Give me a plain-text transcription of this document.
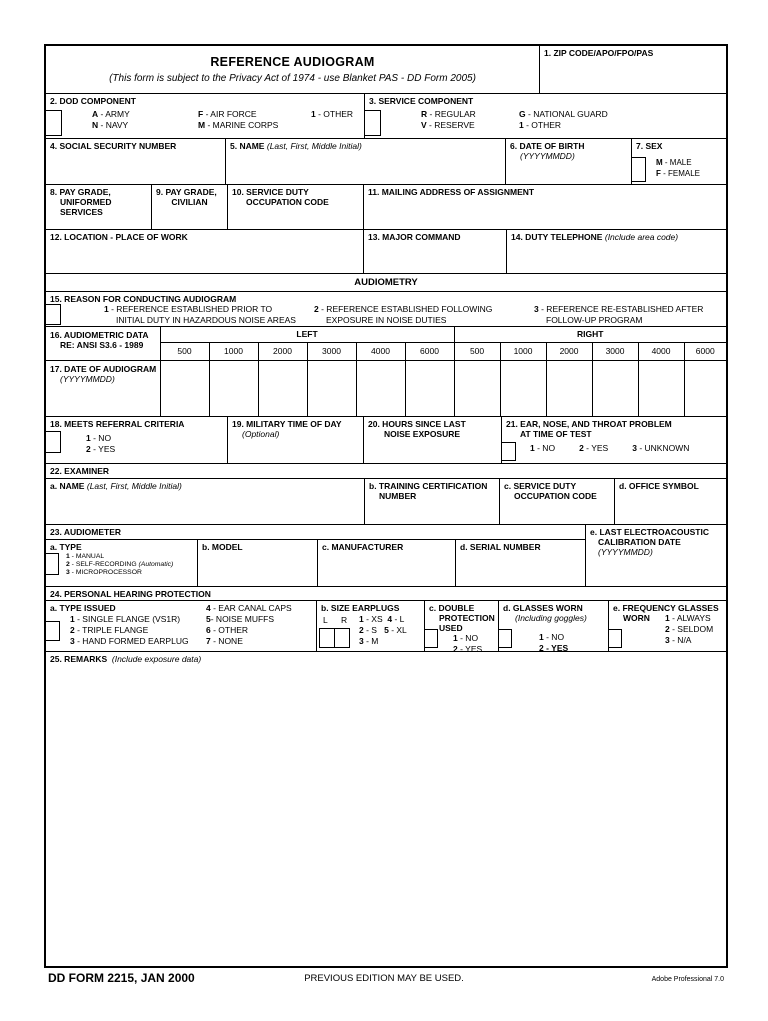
REFERENCE AUDIOGRAM
(This form is subject to the Privacy Act of 1974 - use Blanket PAS - DD Form 2005)
1. ZIP CODE/APO/FPO/PAS
2. DOD COMPONENT
A - ARMY
N - NAVY
F - AIR FORCE
M - MARINE CORPS
1 - OTHER
3. SERVICE COMPONENT
R - REGULAR
V - RESERVE
G - NATIONAL GUARD
1 - OTHER
4. SOCIAL SECURITY NUMBER	5. NAME (Last, First, Middle Initial)	6. DATE OF BIRTH
(YYYYMMDD)
7. SEX
M - MALE
F - FEMALE
8. PAY GRADE,
UNIFORMED
SERVICES
9. PAY GRADE,
CIVILIAN
10. SERVICE DUTY
OCCUPATION CODE
11. MAILING ADDRESS OF ASSIGNMENT
12. LOCATION - PLACE OF WORK	13. MAJOR COMMAND	14. DUTY TELEPHONE (Include area code)
AUDIOMETRY
15. REASON FOR CONDUCTING AUDIOGRAM
1 - REFERENCE ESTABLISHED PRIOR TO
INITIAL DUTY IN HAZARDOUS NOISE AREAS
2 - REFERENCE ESTABLISHED FOLLOWING
EXPOSURE IN NOISE DUTIES
3 - REFERENCE RE-ESTABLISHED AFTER
FOLLOW-UP PROGRAM
16. AUDIOMETRIC DATA
RE: ANSI S3.6 - 1989	LEFT						RIGHT					
	500	1000	2000	3000	4000	6000	500	1000	2000	3000	4000	6000

17. DATE OF AUDIOGRAM
(YYYYMMDD)												

18. MEETS REFERRAL CRITERIA
1 - NO
2 - YES
19. MILITARY TIME OF DAY
(Optional)
20. HOURS SINCE LAST
NOISE EXPOSURE
21. EAR, NOSE, AND THROAT PROBLEM
AT TIME OF TEST
1 - NO	2 - YES	3 - UNKNOWN
22. EXAMINER
a. NAME (Last, First, Middle Initial)	b. TRAINING CERTIFICATION
NUMBER
c. SERVICE DUTY
OCCUPATION CODE
d. OFFICE SYMBOL
23. AUDIOMETER
a. TYPE
1 - MANUAL
2 - SELF-RECORDING (Automatic)
3 - MICROPROCESSOR
b. MODEL	c. MANUFACTURER	d. SERIAL NUMBER
e. LAST ELECTROACOUSTIC
CALIBRATION DATE
(YYYYMMDD)
24. PERSONAL HEARING PROTECTION
a. TYPE ISSUED
1 - SINGLE FLANGE (VS1R)
2 - TRIPLE FLANGE
3 - HAND FORMED EARPLUG
4 - EAR CANAL CAPS
5- NOISE MUFFS
6 - OTHER
7 - NONE
b. SIZE EARPLUGS
L R 1 - XS 4 - L
2 - S 5 - XL
3 - M
c. DOUBLE
PROTECTION
USED
1 - NO
2 - YES
d. GLASSES WORN
(Including goggles)
1 - NO
2 - YES
e. FREQUENCY GLASSES
WORN	1 - ALWAYS
2 - SELDOM
3 - N/A
25. REMARKS (Include exposure data)
DD FORM 2215, JAN 2000	PREVIOUS EDITION MAY BE USED.	Adobe Professional 7.0
